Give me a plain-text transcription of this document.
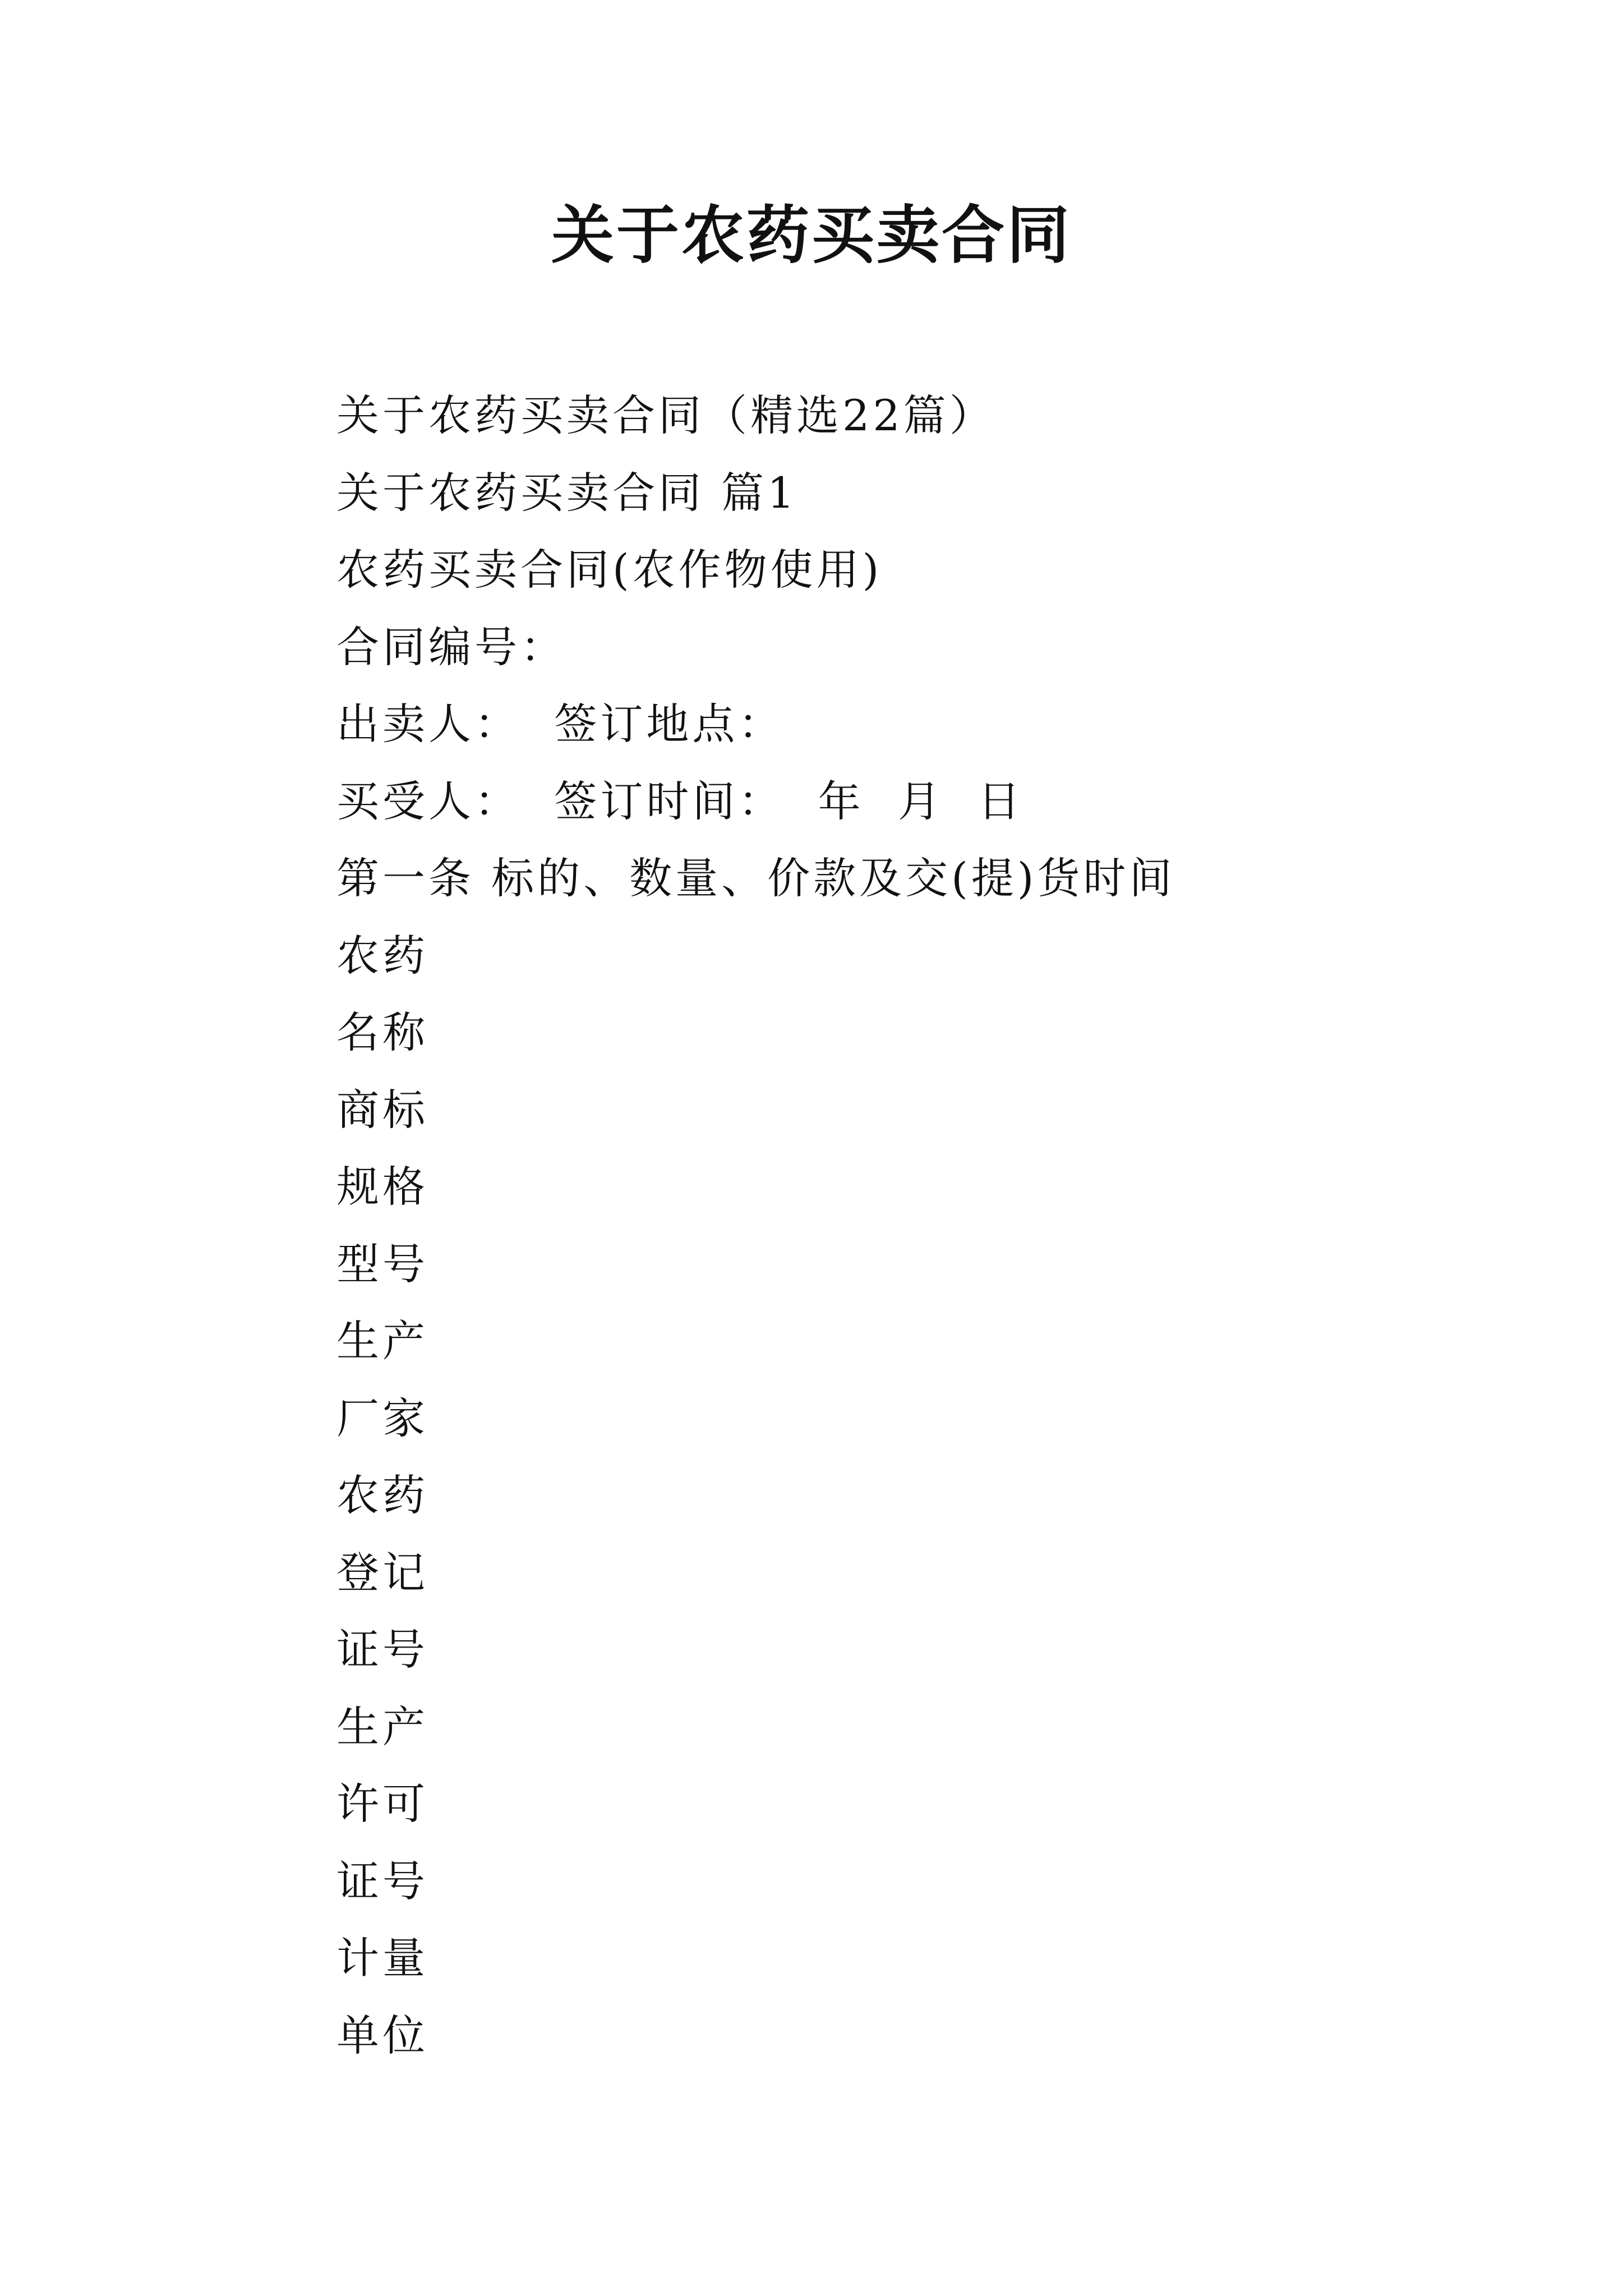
关于农药买卖合同
关于农药买卖合同（精选22篇）
关于农药买卖合同 篇1
农药买卖合同(农作物使用)
合同编号：
出卖人：  签订地点：
买受人：  签订时间：  年  月  日
第一条 标的、数量、价款及交(提)货时间
农药
名称
商标
规格
型号
生产
厂家
农药
登记
证号
生产
许可
证号
计量
单位
